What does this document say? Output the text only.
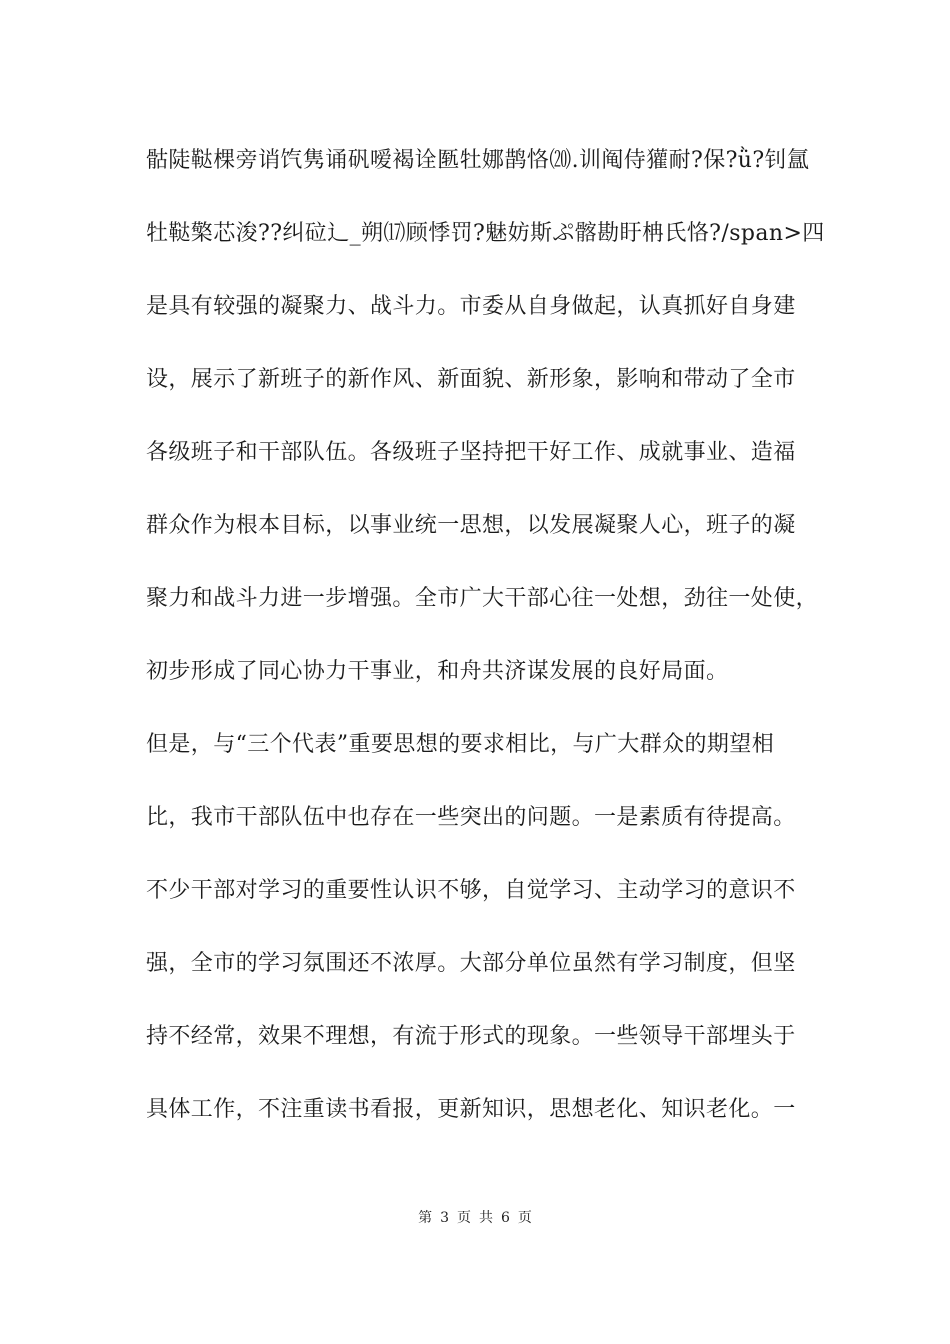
骷陡鞑棵旁诮饩隽诵矾嗳褐诠匦牡娜鹊恪⒇.训阄侍獾耐?保?ǜ?钊氲
牡鞑檠芯浚??纠砬辶_朔⒄顾悸罚?魅妨斯ぷ髂勘盱柟氏恪?/span>四
是具有较强的凝聚力、战斗力。市委从自身做起，认真抓好自身建
设，展示了新班子的新作风、新面貌、新形象，影响和带动了全市
各级班子和干部队伍。各级班子坚持把干好工作、成就事业、造福
群众作为根本目标，以事业统一思想，以发展凝聚人心，班子的凝
聚力和战斗力进一步增强。全市广大干部心往一处想，劲往一处使，
初步形成了同心协力干事业，和舟共济谋发展的良好局面。
但是，与“三个代表”重要思想的要求相比，与广大群众的期望相
比，我市干部队伍中也存在一些突出的问题。一是素质有待提高。
不少干部对学习的重要性认识不够，自觉学习、主动学习的意识不
强，全市的学习氛围还不浓厚。大部分单位虽然有学习制度，但坚
持不经常，效果不理想，有流于形式的现象。一些领导干部埋头于
具体工作，不注重读书看报，更新知识，思想老化、知识老化。一
第 3 页 共 6 页
